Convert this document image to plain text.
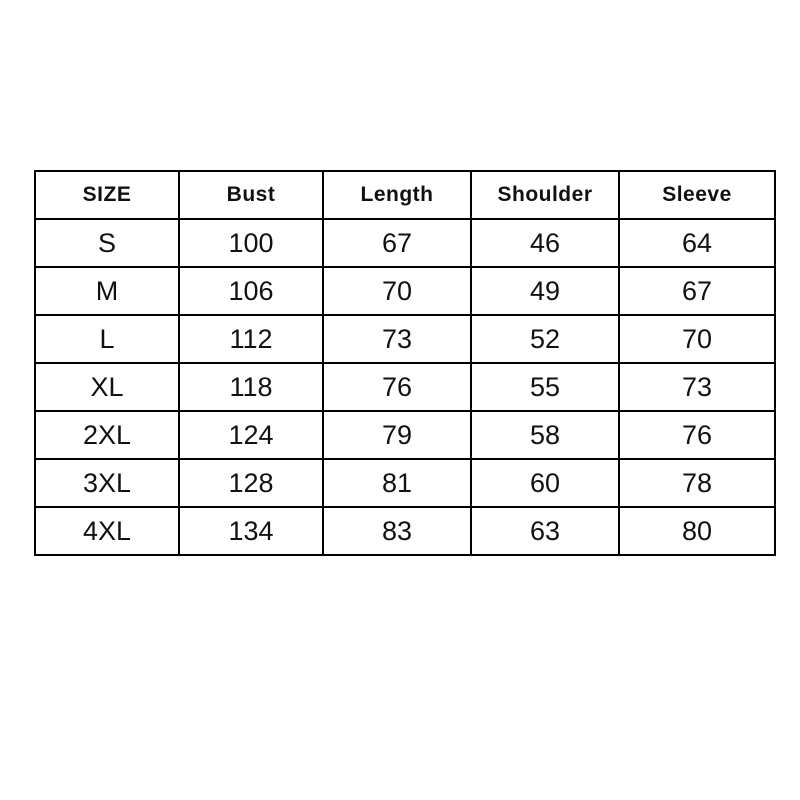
SIZE	Bust	Length	Shoulder	Sleeve
S	100	67	46	64
M	106	70	49	67
L	112	73	52	70
XL	118	76	55	73
2XL	124	79	58	76
3XL	128	81	60	78
4XL	134	83	63	80
